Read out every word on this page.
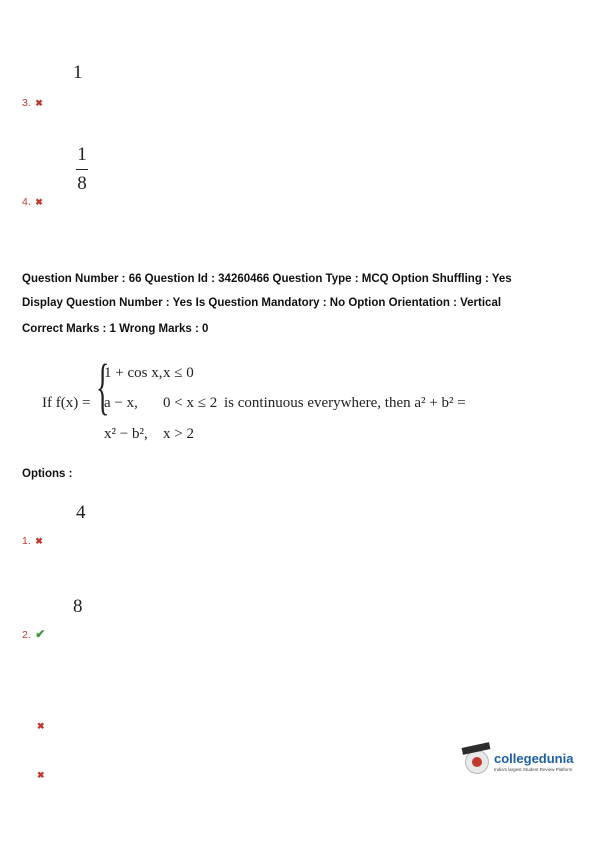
1
3. ✖
$\frac{1}{8}$
4. ✖
Question Number : 66 Question Id : 34260466 Question Type : MCQ Option Shuffling : Yes
Display Question Number : Yes Is Question Mandatory : No Option Orientation : Vertical
Correct Marks : 1 Wrong Marks : 0
If f(x) = {
1 + cos x, x ≤ 0
a − x, 0 < x ≤ 2
x² − b², x > 2
is continuous everywhere, then a² + b² =
Options :
4
1. ✖
8
2. ✔
✖
✖
collegedunia
India's largest Student Review Platform
